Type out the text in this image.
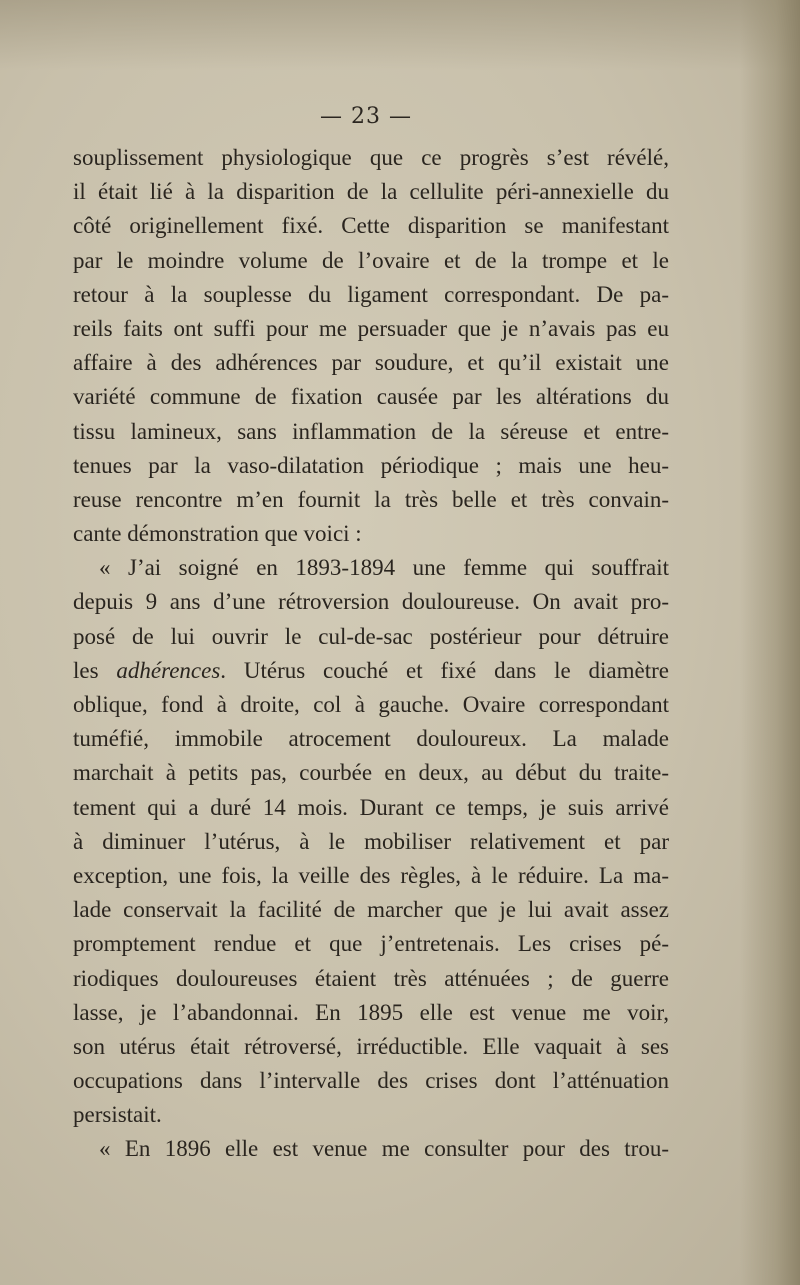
— 23 —
souplissement physiologique que ce progrès s’est révélé,
il était lié à la disparition de la cellulite péri-annexielle du
côté originellement fixé. Cette disparition se manifestant
par le moindre volume de l’ovaire et de la trompe et le
retour à la souplesse du ligament correspondant. De pa-
reils faits ont suffi pour me persuader que je n’avais pas eu
affaire à des adhérences par soudure, et qu’il existait une
variété commune de fixation causée par les altérations du
tissu lamineux, sans inflammation de la séreuse et entre-
tenues par la vaso-dilatation périodique ; mais une heu-
reuse rencontre m’en fournit la très belle et très convain-
cante démonstration que voici :
« J’ai soigné en 1893-1894 une femme qui souffrait
depuis 9 ans d’une rétroversion douloureuse. On avait pro-
posé de lui ouvrir le cul-de-sac postérieur pour détruire
les adhérences. Utérus couché et fixé dans le diamètre
oblique, fond à droite, col à gauche. Ovaire correspondant
tuméfié, immobile atrocement douloureux. La malade
marchait à petits pas, courbée en deux, au début du traite-
tement qui a duré 14 mois. Durant ce temps, je suis arrivé
à diminuer l’utérus, à le mobiliser relativement et par
exception, une fois, la veille des règles, à le réduire. La ma-
lade conservait la facilité de marcher que je lui avait assez
promptement rendue et que j’entretenais. Les crises pé-
riodiques douloureuses étaient très atténuées ; de guerre
lasse, je l’abandonnai. En 1895 elle est venue me voir,
son utérus était rétroversé, irréductible. Elle vaquait à ses
occupations dans l’intervalle des crises dont l’atténuation
persistait.
« En 1896 elle est venue me consulter pour des trou-
